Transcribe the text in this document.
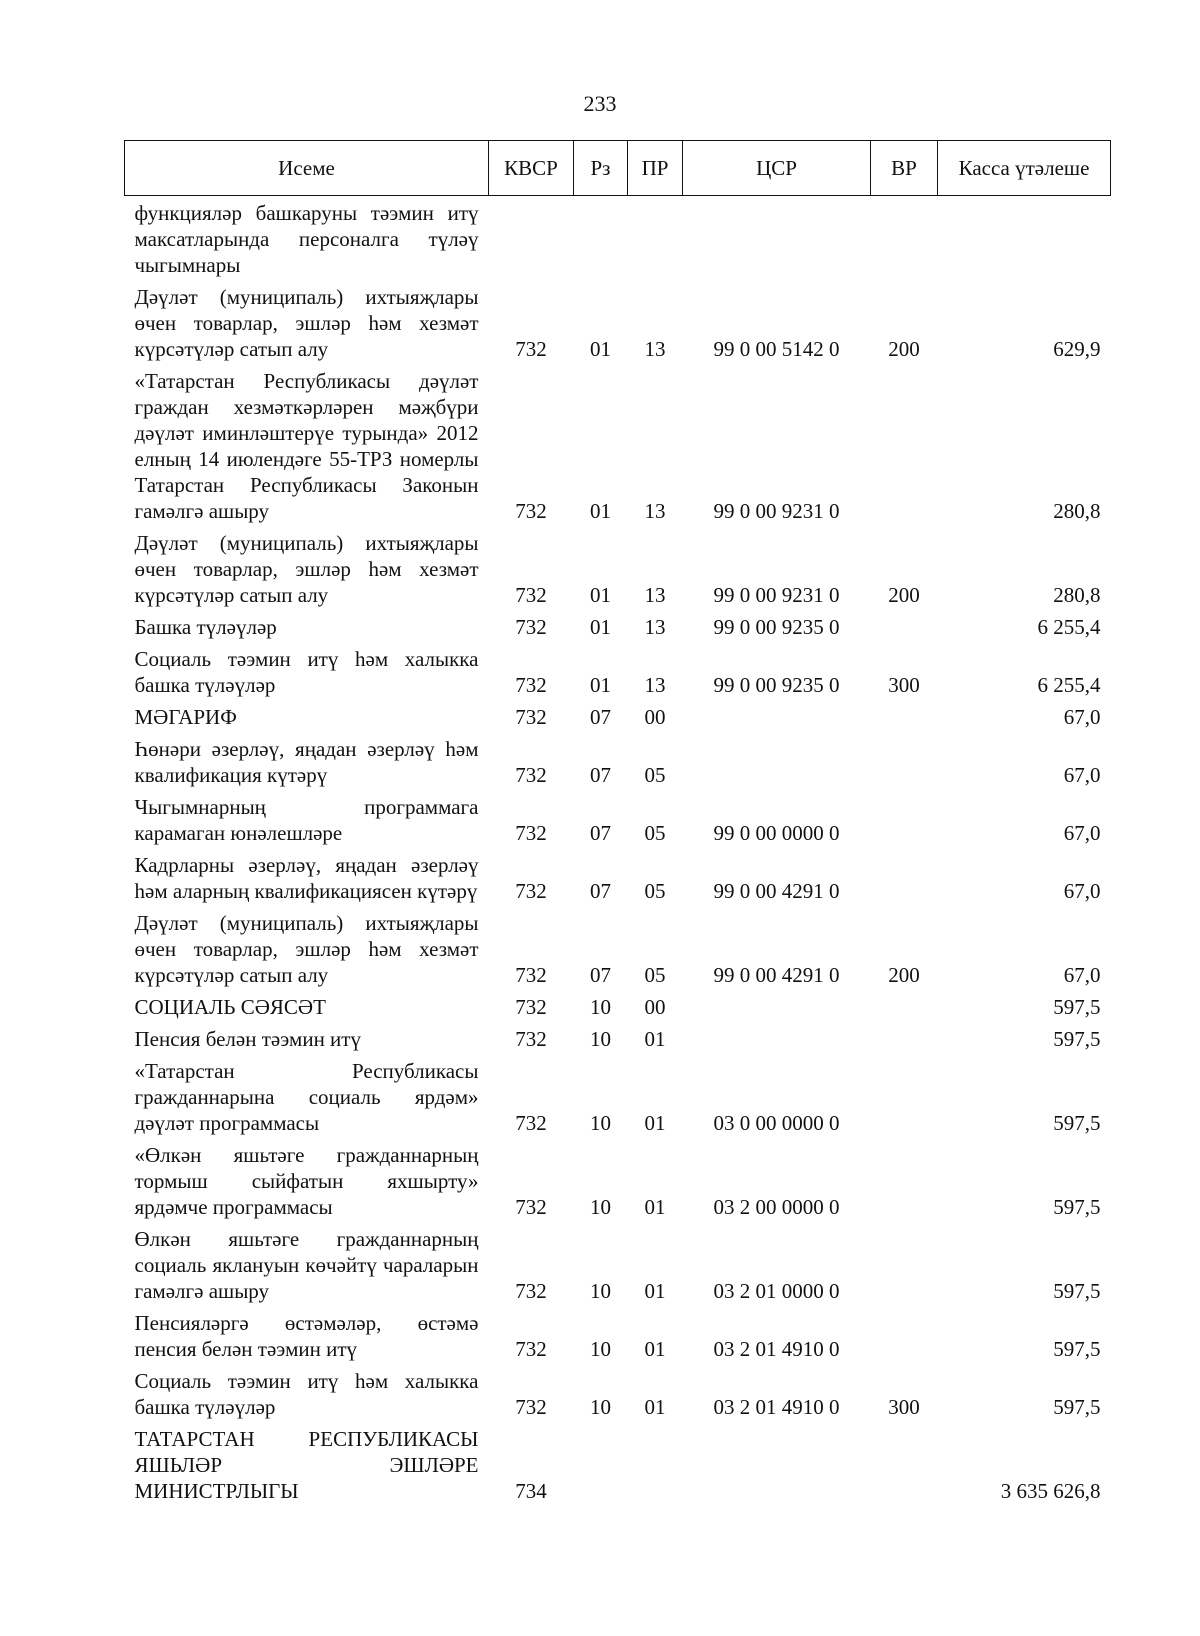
233
Исеме	КВСР	Рз	ПР	ЦСР	ВР	Касса үтәлеше
функцияләр башкаруны тәэмин итү максатларында персоналга түләү чыгымнары						
Дәүләт (муниципаль) ихтыяҗлары өчен товарлар, эшләр һәм хезмәт күрсәтүләр сатып алу	732	01	13	99 0 00 5142 0	200	629,9
«Татарстан Республикасы дәүләт граждан хезмәткәрләрен мәҗбүри дәүләт иминләштерүе турында» 2012 елның 14 июлендәге 55-ТРЗ номерлы Татарстан Республикасы Законын гамәлгә ашыру	732	01	13	99 0 00 9231 0		280,8
Дәүләт (муниципаль) ихтыяҗлары өчен товарлар, эшләр һәм хезмәт күрсәтүләр сатып алу	732	01	13	99 0 00 9231 0	200	280,8
Башка түләүләр	732	01	13	99 0 00 9235 0		6 255,4
Социаль тәэмин итү һәм халыкка башка түләүләр	732	01	13	99 0 00 9235 0	300	6 255,4
МӘГАРИФ	732	07	00			67,0
Һөнәри әзерләү, яңадан әзерләү һәм квалификация күтәрү	732	07	05			67,0
Чыгымнарның программага карамаган юнәлешләре	732	07	05	99 0 00 0000 0		67,0
Кадрларны әзерләү, яңадан әзерләү һәм аларның квалификациясен күтәрү	732	07	05	99 0 00 4291 0		67,0
Дәүләт (муниципаль) ихтыяҗлары өчен товарлар, эшләр һәм хезмәт күрсәтүләр сатып алу	732	07	05	99 0 00 4291 0	200	67,0
СОЦИАЛЬ СӘЯСӘТ	732	10	00			597,5
Пенсия белән тәэмин итү	732	10	01			597,5
«Татарстан Республикасы гражданнарына социаль ярдәм» дәүләт программасы	732	10	01	03 0 00 0000 0		597,5
«Өлкән яшьтәге гражданнарның тормыш сыйфатын яхшырту» ярдәмче программасы	732	10	01	03 2 00 0000 0		597,5
Өлкән яшьтәге гражданнарның социаль яклануын көчәйтү чараларын гамәлгә ашыру	732	10	01	03 2 01 0000 0		597,5
Пенсияләргә өстәмәләр, өстәмә пенсия белән тәэмин итү	732	10	01	03 2 01 4910 0		597,5
Социаль тәэмин итү һәм халыкка башка түләүләр	732	10	01	03 2 01 4910 0	300	597,5
ТАТАРСТАН РЕСПУБЛИКАСЫ ЯШЬЛӘР ЭШЛӘРЕ МИНИСТРЛЫГЫ	734					3 635 626,8
